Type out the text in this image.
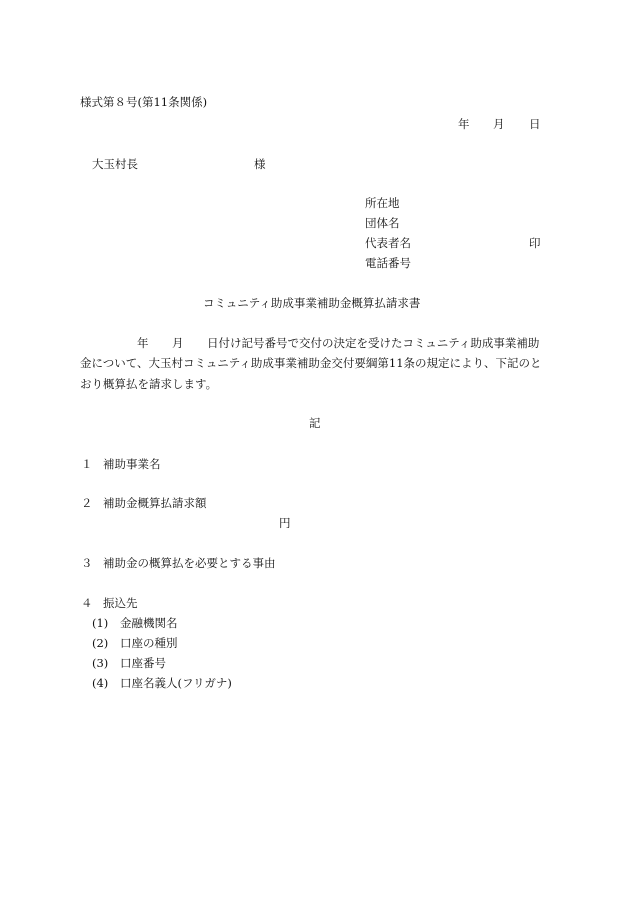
様式第８号(第11条関係)
年 月 日
大玉村長	様
所在地
団体名
代表者名	印
電話番号
コミュニティ助成事業補助金概算払請求書
年 月 日付け記号番号で交付の決定を受けたコミュニティ助成事業補助
金について、大玉村コミュニティ助成事業補助金交付要綱第11条の規定により、下記のと
おり概算払を請求します。
記
１ 補助事業名
２ 補助金概算払請求額
円
３ 補助金の概算払を必要とする事由
４ 振込先
(1) 金融機関名
(2) 口座の種別
(3) 口座番号
(4) 口座名義人(フリガナ)
